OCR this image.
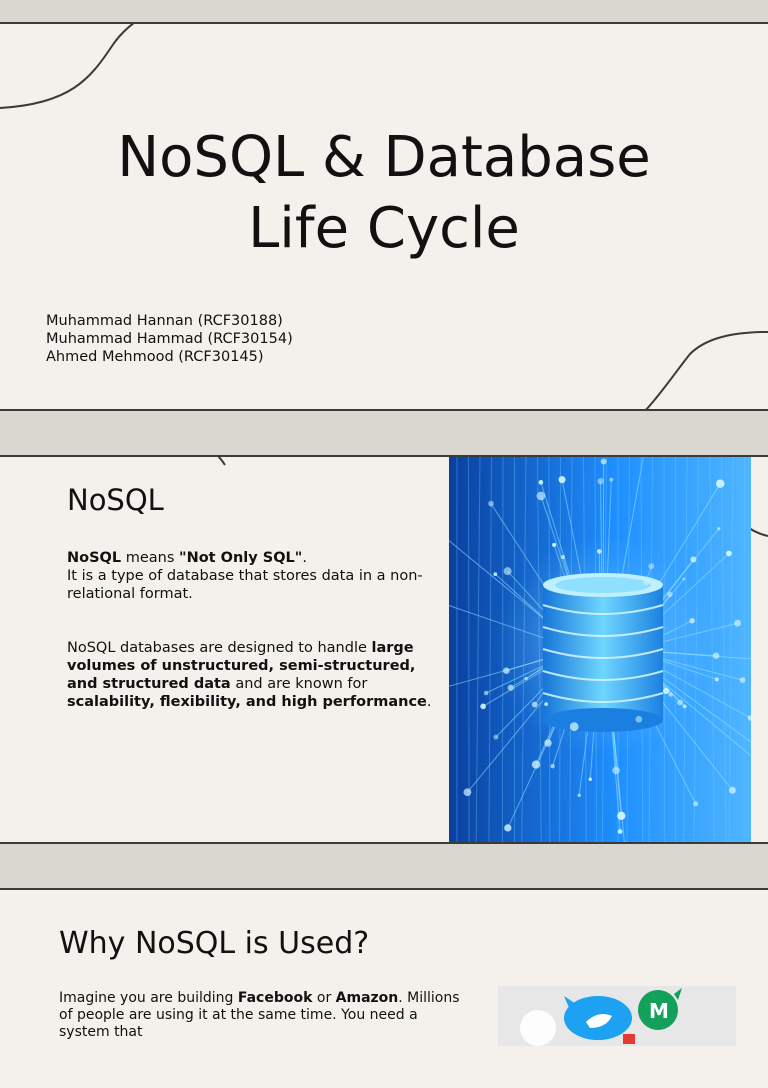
NoSQL & Database
Life Cycle
Muhammad Hannan (RCF30188)
Muhammad Hammad (RCF30154)
Ahmed Mehmood (RCF30145)
NoSQL

NoSQL means "Not Only SQL".
It is a type of database that stores data in a non-relational format.

NoSQL databases are designed to handle large volumes of unstructured, semi-structured, and structured data and are known for scalability, flexibility, and high performance.

Why NoSQL is Used?

Imagine you are building Facebook or Amazon. Millions of people are using it at the same time. You need a system that

M
